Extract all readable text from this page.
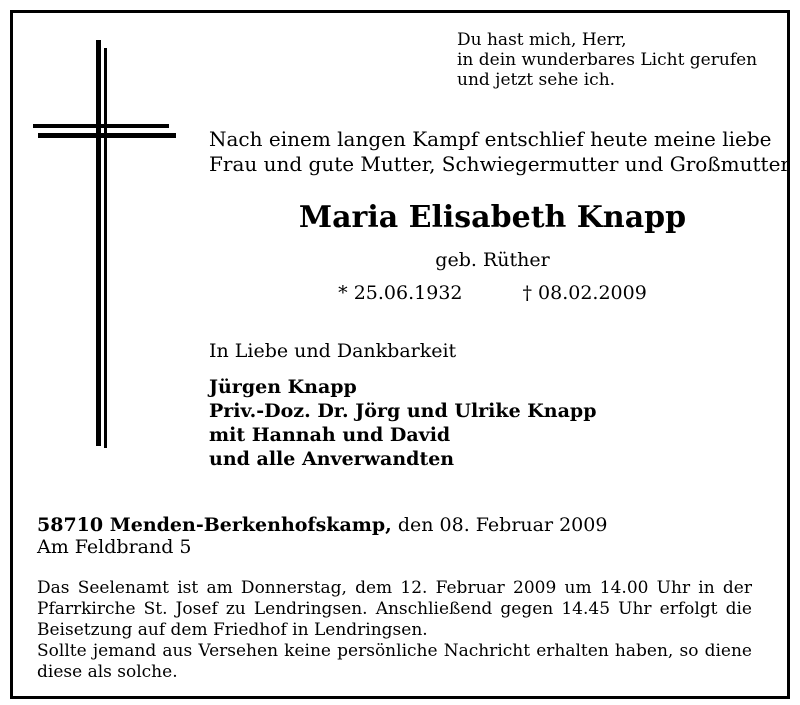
Du hast mich, Herr,
in dein wunderbares Licht gerufen
und jetzt sehe ich.
Nach einem langen Kampf entschlief heute meine liebe
Frau und gute Mutter, Schwiegermutter und Großmutter
Maria Elisabeth Knapp
geb. Rüther
* 25.06.1932	† 08.02.2009
In Liebe und Dankbarkeit
Jürgen Knapp
Priv.-Doz. Dr. Jörg und Ulrike Knapp
mit Hannah und David
und alle Anverwandten
58710 Menden-Berkenhofskamp, den 08. Februar 2009
Am Feldbrand 5

Das Seelenamt ist am Donnerstag, dem 12. Februar 2009 um 14.00 Uhr in der Pfarrkirche St. Josef zu Lendringsen. Anschließend gegen 14.45 Uhr erfolgt die Beisetzung auf dem Friedhof in Lendringsen.

Sollte jemand aus Versehen keine persönliche Nachricht erhalten haben, so diene diese als solche.
